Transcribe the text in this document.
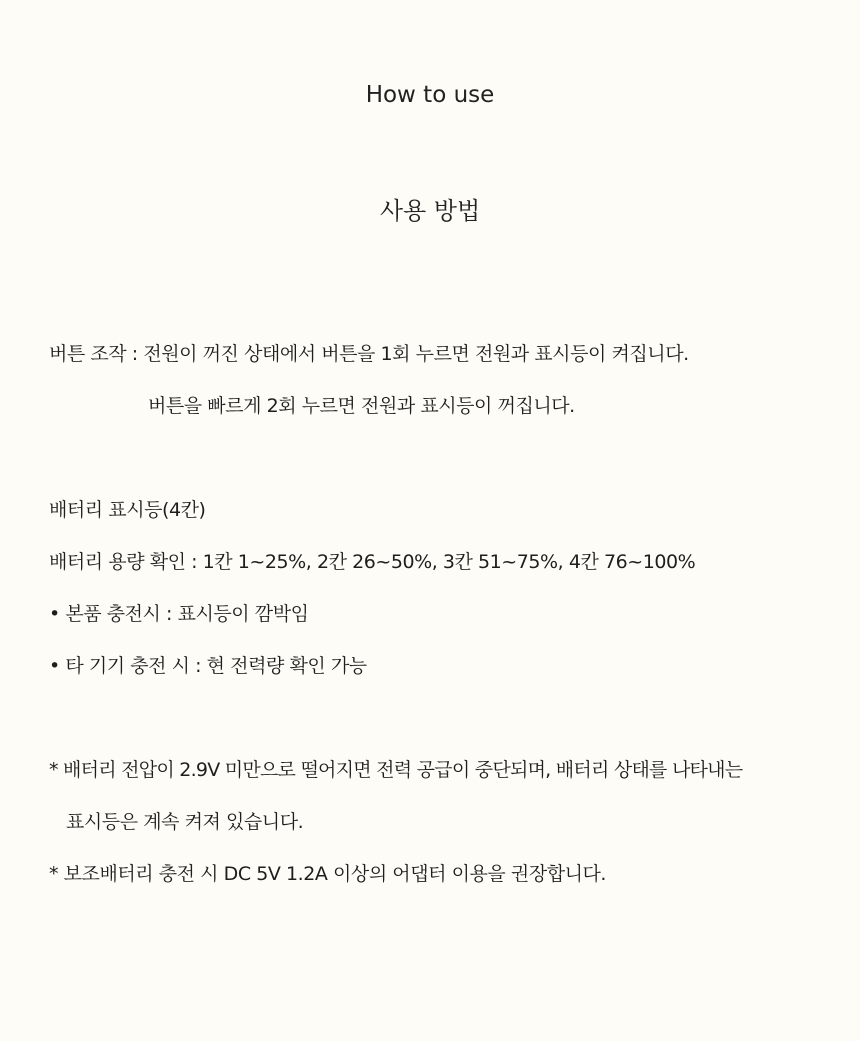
How to use
사용 방법
버튼 조작 : 전원이 꺼진 상태에서 버튼을 1회 누르면 전원과 표시등이 켜집니다.
버튼을 빠르게 2회 누르면 전원과 표시등이 꺼집니다.
배터리 표시등(4칸)
배터리 용량 확인 : 1칸 1~25%, 2칸 26~50%, 3칸 51~75%, 4칸 76~100%
• 본품 충전시 : 표시등이 깜박임
• 타 기기 충전 시 : 현 전력량 확인 가능
* 배터리 전압이 2.9V 미만으로 떨어지면 전력 공급이 중단되며, 배터리 상태를 나타내는
표시등은 계속 켜져 있습니다.
* 보조배터리 충전 시 DC 5V 1.2A 이상의 어댑터 이용을 권장합니다.
